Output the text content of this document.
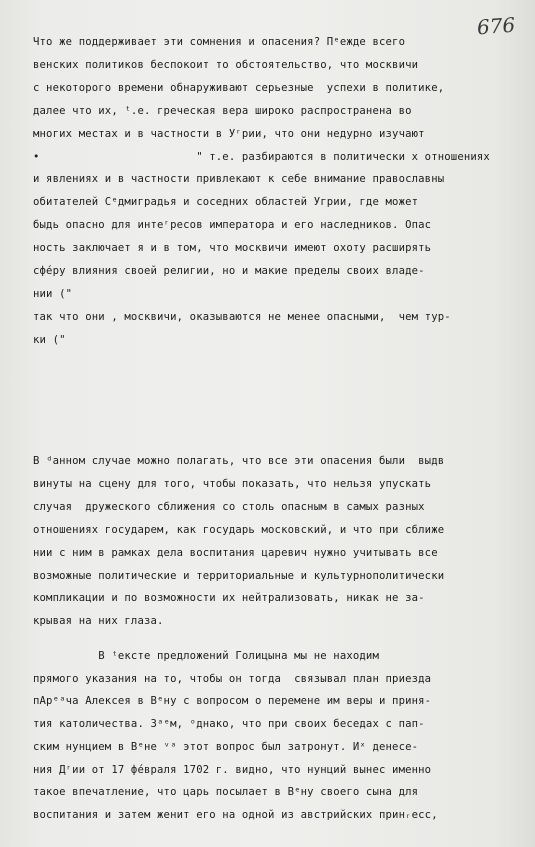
676
Что же поддерживает эти сомнения и опасения? Пᵉеждe всего
венских политиков беспокоит то обстоятельство, что москвичи
с некоторого времени обнаруживают серьезные  успехи в политике,
далее что их, ᵗ.е. греческая вера широко распространена во
многих местах и в частности в Уʳрии, что они недурно изучают
•                        " т.е. разбираются в политически х отношениях
и явлениях и в частности привлекают к себе внимание православны
обитателей Сᵉдмиградья и соседних областей Угрии, где может
быдь опасно для интеʳресов императора и его наследников. Опас
ность заключает я и в том, что москвичи имеют охоту расширять
сфéру влияния своей религии, но и макие пределы своих владе-
нии ("
так что они , москвичи, оказываются не менее опасными,  чем тур-
ки ("
В ᵈанном случае можно полагать, что все эти опасения были  выдв
винуты на сцену для того, чтобы показать, что нельзя упускать
случая  дружеского сближения со столь опасным в самых разных
отношениях государем, как государь московский, и что при сближе
нии с ним в рамках дела воспитания царевич нужно учитывать все
возможные политические и территориальные и культурнополитически
компликации и по возможности их нейтрализовать, никак не за-
крывая на них глаза.
В ᵗексте предложений Голицына мы не находим
прямого указания на то, чтобы он тогда  связывал план приезда
пАрᵉᵃча Алексея в Вᵉну с вопросом о перемене им веры и приня-
тия католичества. Зᵃᵉм, ᵒднако, что при своих беседах с пап-
ским нунцием в Вᵉне ᵛᵃ этот вопрос был затронут. Иˣ денесе-
ния Дʳии от 17 фéвраля 1702 г. видно, что нунций вынес именно
такое впечатление, что царь посылает в Вᵉну своего сына для
воспитания и затем женит его на одной из австрийских принᵣесс,
